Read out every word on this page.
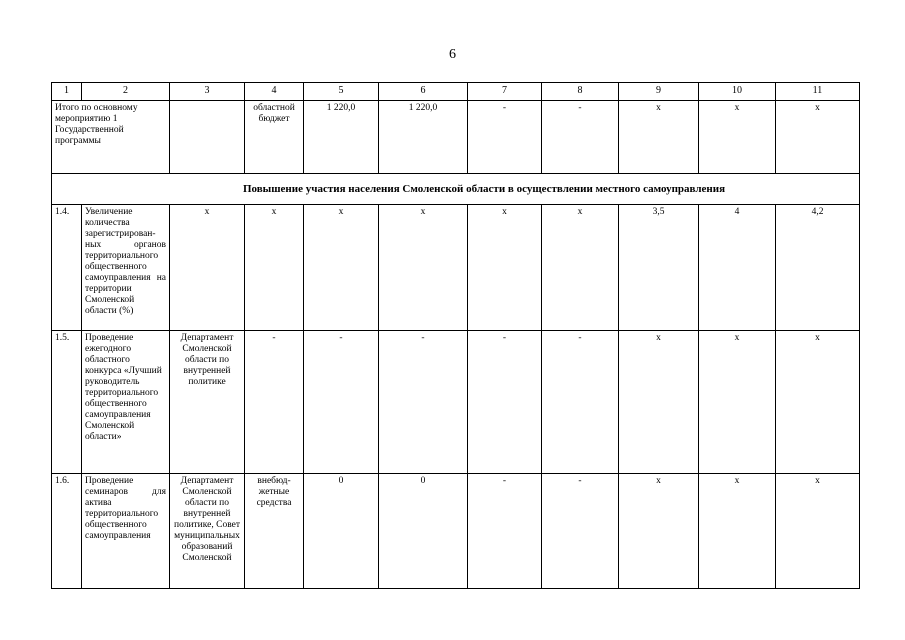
6
1	2	3	4	5	6	7	8	9	10	11
Итого по основному мероприятию 1 Государственной программы			областной бюджет	1 220,0	1 220,0	-	-	x	x	x
Повышение участия населения Смоленской области в осуществлении местного самоуправления										
1.4.	Увеличение количества зарегистрирован-ных органов территориального общественного самоуправления на территории Смоленской области (%)	x	x	x	x	x	x	3,5	4	4,2
1.5.	Проведение ежегодного областного конкурса «Лучший руководитель территориального общественного самоуправления Смоленской области»	Департамент Смоленской области по внутренней политике	-	-	-	-	-	x	x	x
1.6.	Проведение семинаров для актива территориального общественного самоуправления	Департамент Смоленской области по внутренней политике, Совет муниципальных образований Смоленской	внебюд-жетные средства	0	0	-	-	x	x	x
